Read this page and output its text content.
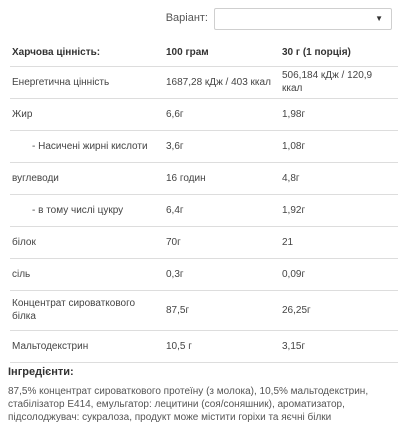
Варіант:	▼
Харчова цінність:	100 грам	30 г (1 порція)
Енергетична цінність	1687,28 кДж / 403 ккал	506,184 кДж / 120,9 ккал
Жир	6,6г	1,98г
- Насичені жирні кислоти	3,6г	1,08г
вуглеводи	16 годин	4,8г
- в тому числі цукру	6,4г	1,92г
білок	70г	21
сіль	0,3г	0,09г
Концентрат сироваткового білка	87,5г	26,25г
Мальтодекстрин	10,5 г	3,15г
Інгредієнти:
87,5% концентрат сироваткового протеїну (з молока), 10,5% мальтодекстрин, стабілізатор E414, емульгатор: лецитини (соя/соняшник), ароматизатор, підсолоджувач: сукралоза, продукт може містити горіхи та яєчні білки
